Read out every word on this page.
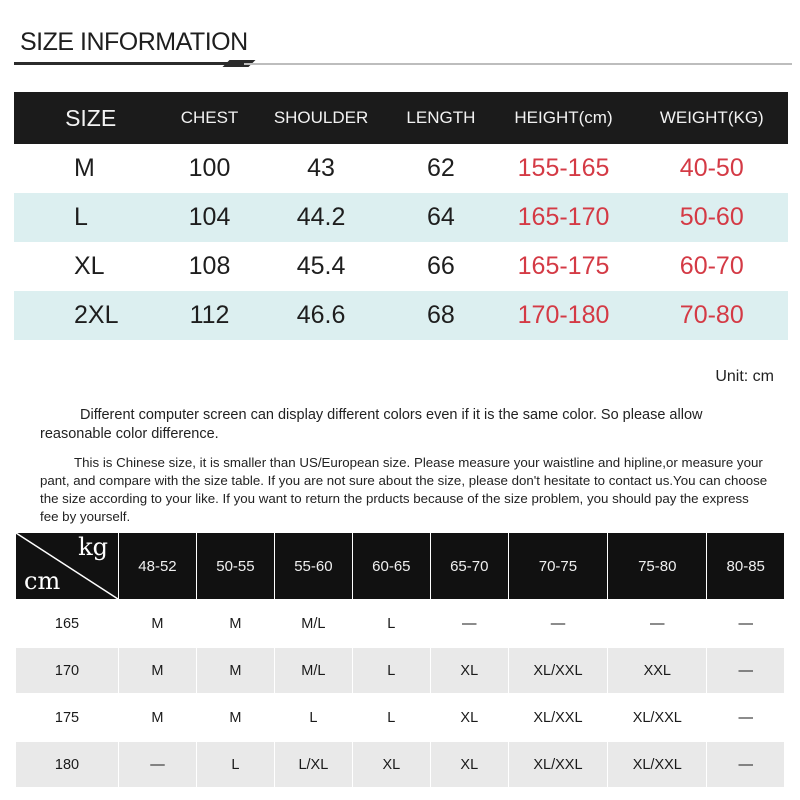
SIZE INFORMATION
SIZE	CHEST	SHOULDER	LENGTH	HEIGHT(cm)	WEIGHT(KG)
M	100	43	62	155-165	40-50
L	104	44.2	64	165-170	50-60
XL	108	45.4	66	165-175	60-70
2XL	112	46.6	68	170-180	70-80
Unit: cm
Different computer screen can display different colors even if it is the same color. So please allow reasonable color difference.
This is Chinese size, it is smaller than US/European size. Please measure your waistline and hipline,or measure your pant, and compare with the size table. If you are not sure about the size, please don't hesitate to contact us.You can choose the size according to your like. If you want to return the prducts because of the size problem, you should pay the express fee by yourself.
kg
cm	48-52	50-55	55-60	60-65	65-70	70-75	75-80	80-85
165	M	M	M/L	L	—	—	—	—
170	M	M	M/L	L	XL	XL/XXL	XXL	—
175	M	M	L	L	XL	XL/XXL	XL/XXL	—
180	—	L	L/XL	XL	XL	XL/XXL	XL/XXL	—
